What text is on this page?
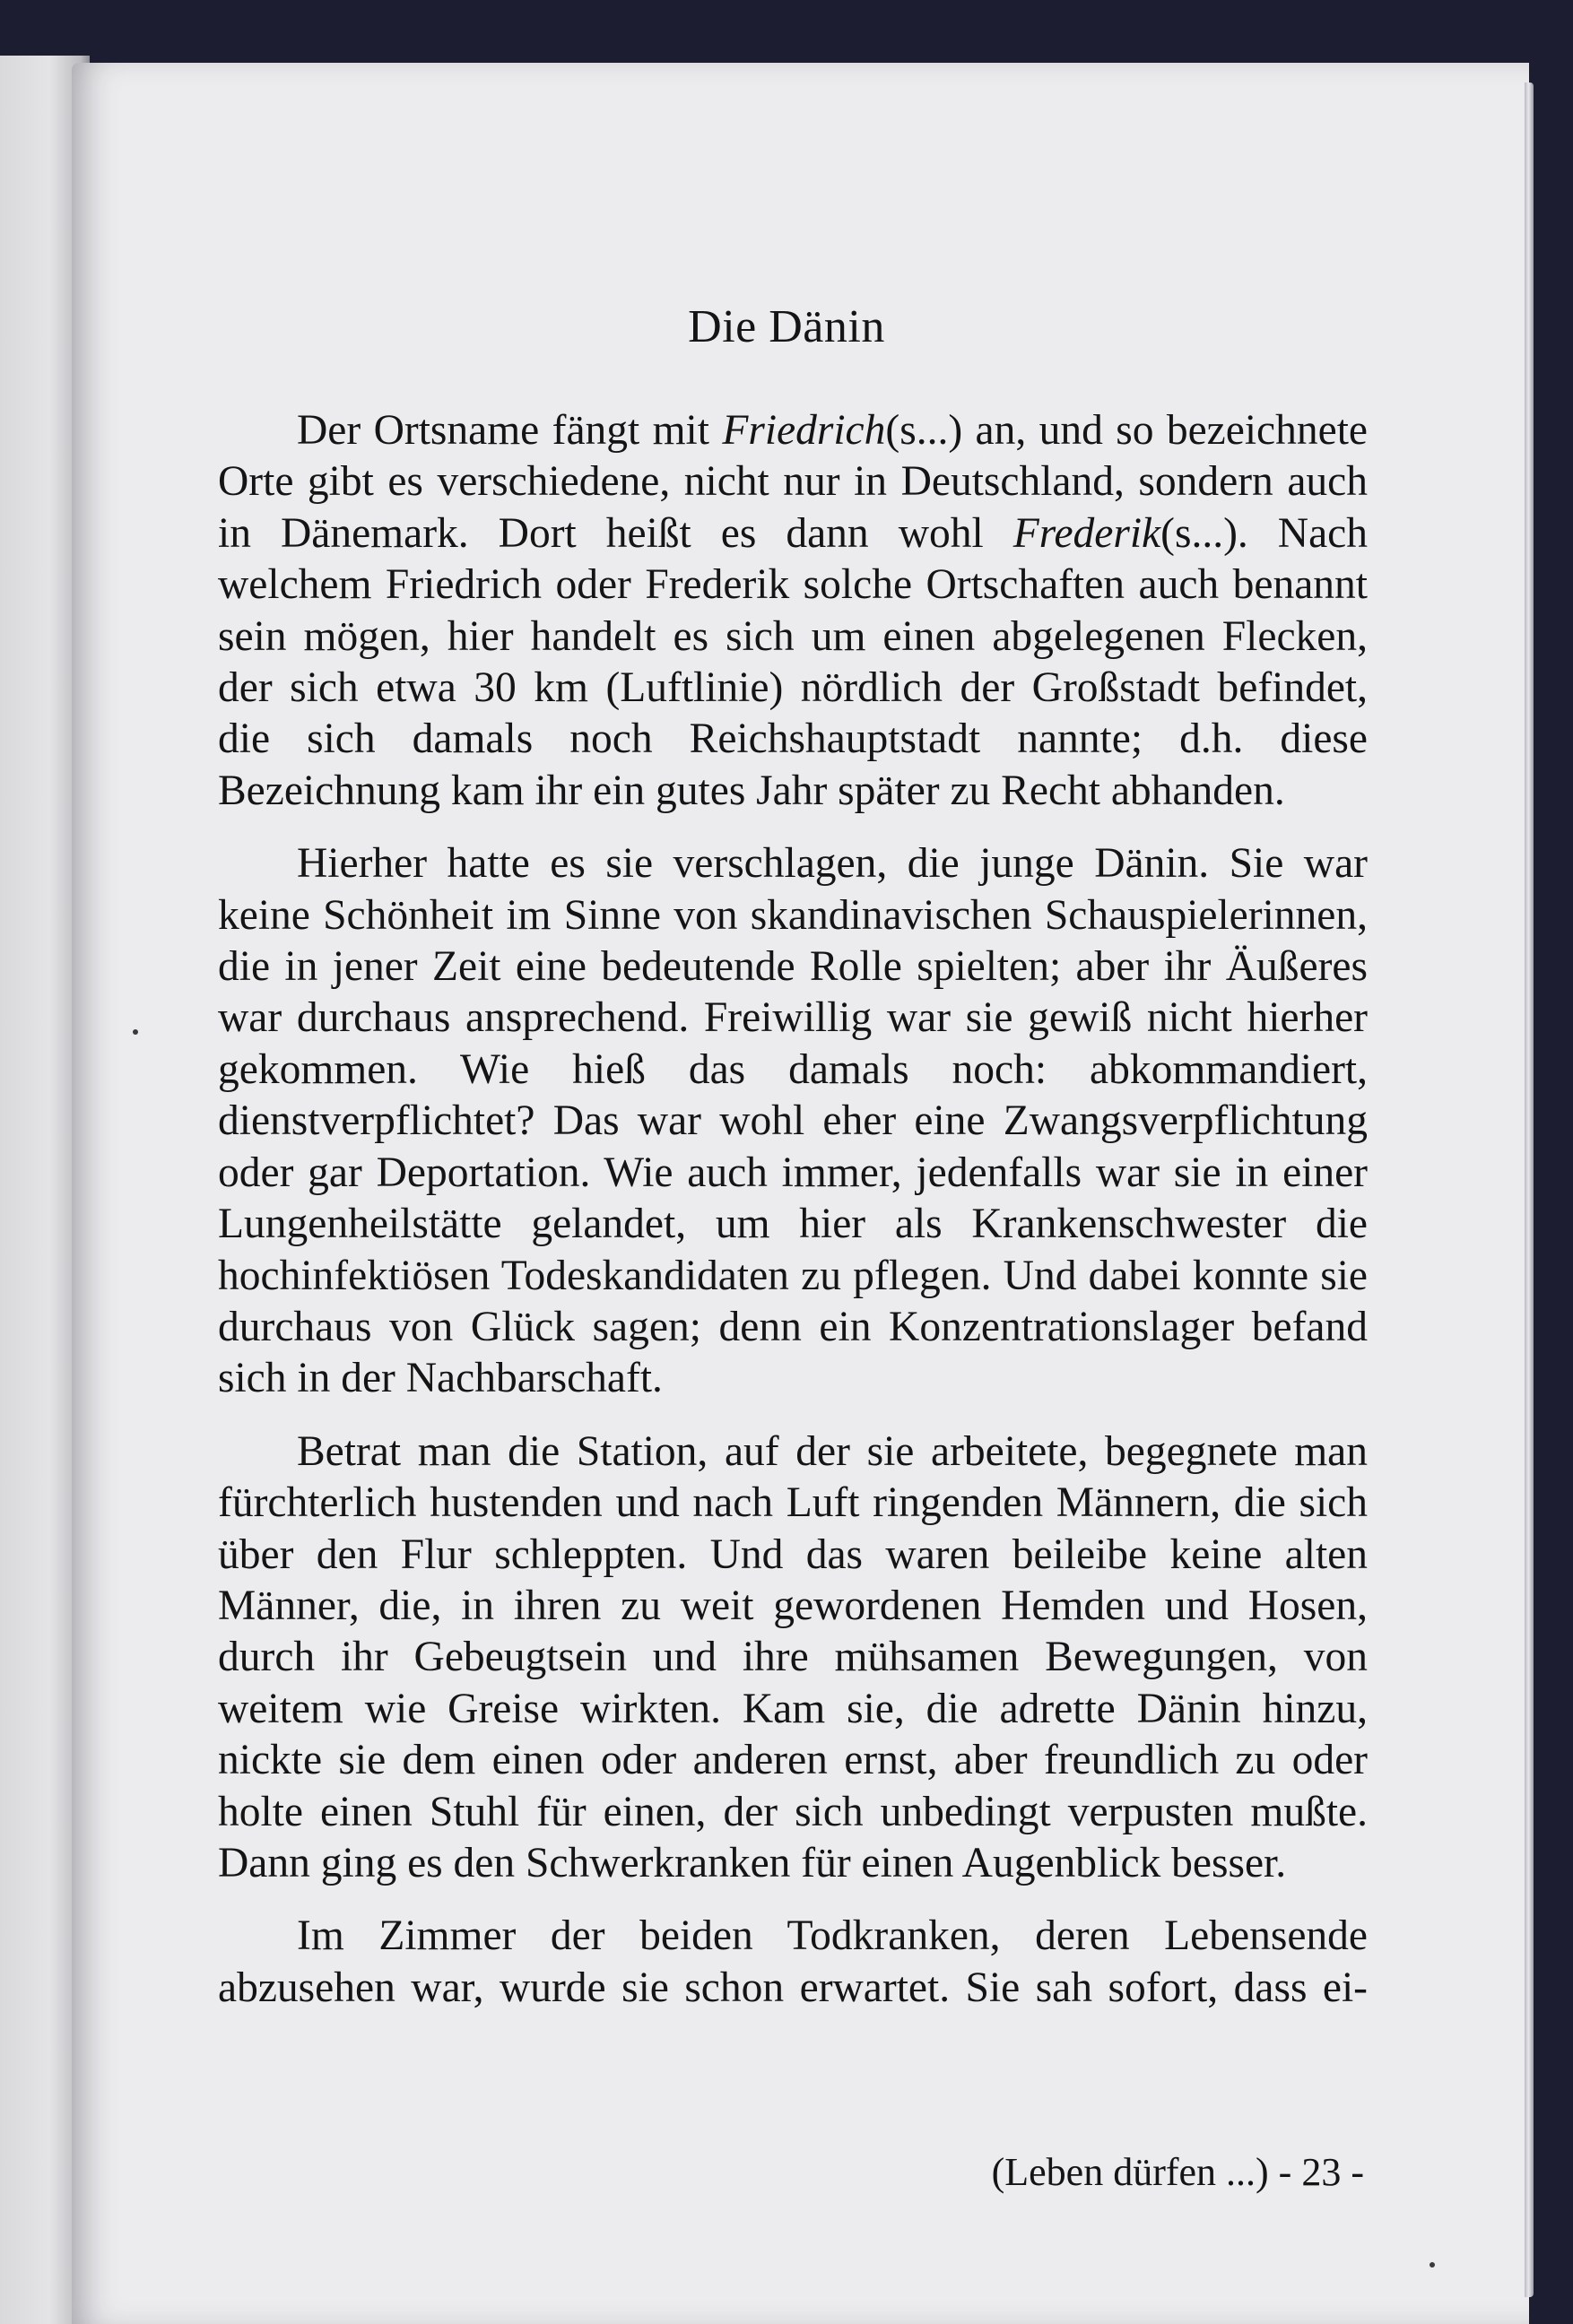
Die Dänin

Der Ortsname fängt mit Friedrich(s...) an, und so bezeichnete Orte gibt es verschiedene, nicht nur in Deutschland, sondern auch in Dänemark. Dort heißt es dann wohl Frederik(s...). Nach welchem Friedrich oder Frederik solche Ortschaften auch benannt sein mögen, hier handelt es sich um einen abgelegenen Flecken, der sich etwa 30 km (Luftlinie) nördlich der Großstadt befindet, die sich damals noch Reichshauptstadt nannte; d.h. diese Bezeichnung kam ihr ein gutes Jahr später zu Recht abhanden.

Hierher hatte es sie verschlagen, die junge Dänin. Sie war keine Schönheit im Sinne von skandinavischen Schauspielerinnen, die in jener Zeit eine bedeutende Rolle spielten; aber ihr Äußeres war durchaus ansprechend. Freiwillig war sie gewiß nicht hierher gekommen. Wie hieß das damals noch: abkommandiert, dienstverpflichtet? Das war wohl eher eine Zwangsverpflichtung oder gar Deportation. Wie auch immer, jedenfalls war sie in einer Lungenheilstätte gelandet, um hier als Krankenschwester die hochinfektiösen Todeskandidaten zu pflegen. Und dabei konnte sie durchaus von Glück sagen; denn ein Konzentrationslager befand sich in der Nachbarschaft.

Betrat man die Station, auf der sie arbeitete, begegnete man fürchterlich hustenden und nach Luft ringenden Männern, die sich über den Flur schleppten. Und das waren beileibe keine alten Männer, die, in ihren zu weit gewordenen Hemden und Hosen, durch ihr Gebeugtsein und ihre mühsamen Bewegungen, von weitem wie Greise wirkten. Kam sie, die adrette Dänin hinzu, nickte sie dem einen oder anderen ernst, aber freundlich zu oder holte einen Stuhl für einen, der sich unbedingt verpusten mußte. Dann ging es den Schwerkranken für einen Augenblick besser.

Im Zimmer der beiden Todkranken, deren Lebensende abzusehen war, wurde sie schon erwartet. Sie sah sofort, dass ei-

(Leben dürfen ...) - 23 -
